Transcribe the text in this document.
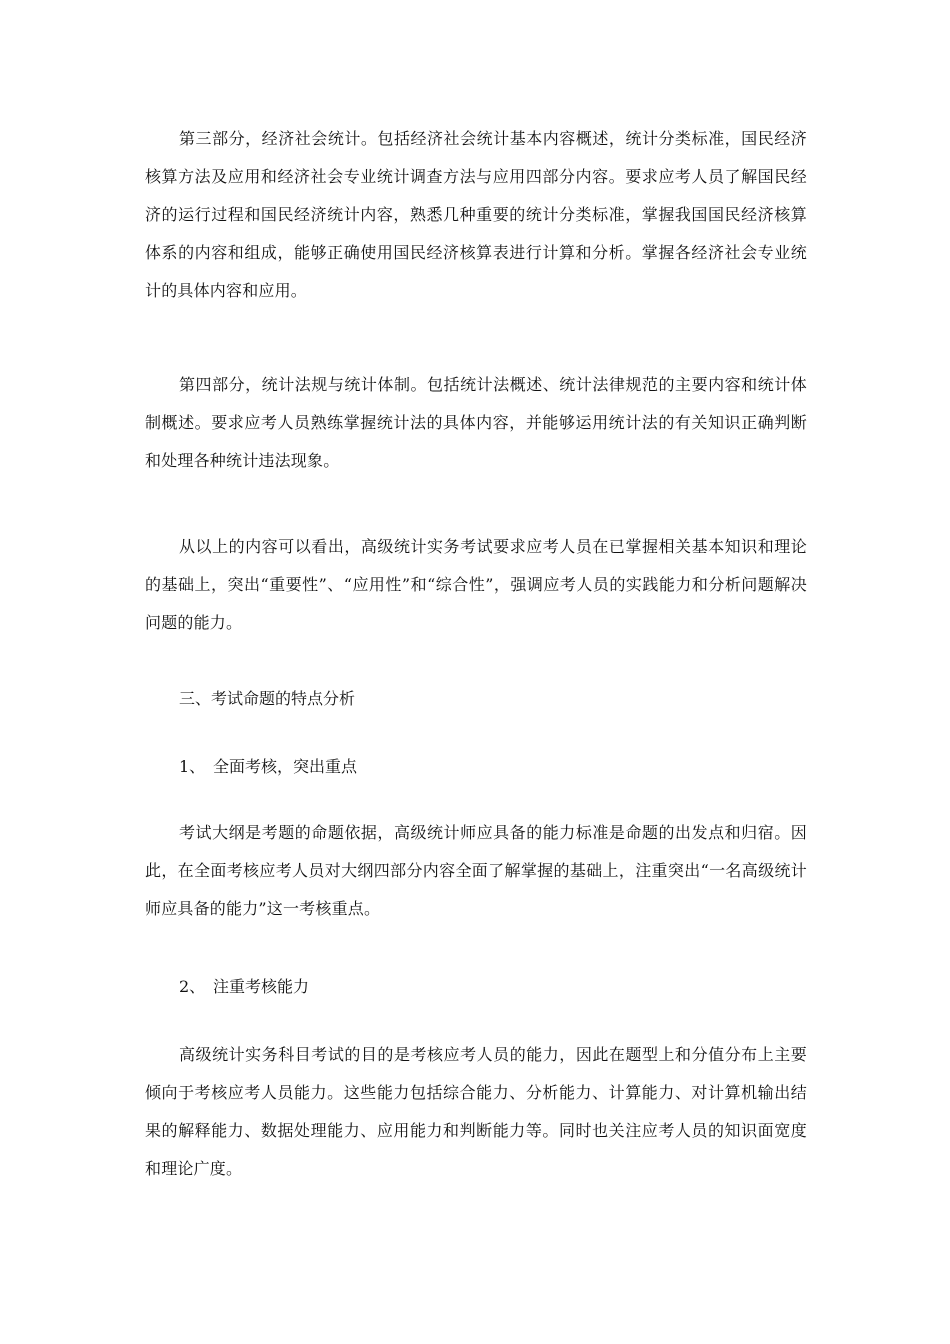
第三部分，经济社会统计。包括经济社会统计基本内容概述，统计分类标准，国民经济核算方法及应用和经济社会专业统计调查方法与应用四部分内容。要求应考人员了解国民经济的运行过程和国民经济统计内容，熟悉几种重要的统计分类标准，掌握我国国民经济核算体系的内容和组成，能够正确使用国民经济核算表进行计算和分析。掌握各经济社会专业统计的具体内容和应用。

第四部分，统计法规与统计体制。包括统计法概述、统计法律规范的主要内容和统计体制概述。要求应考人员熟练掌握统计法的具体内容，并能够运用统计法的有关知识正确判断和处理各种统计违法现象。

从以上的内容可以看出，高级统计实务考试要求应考人员在已掌握相关基本知识和理论的基础上，突出“重要性”、“应用性”和“综合性”，强调应考人员的实践能力和分析问题解决问题的能力。

三、考试命题的特点分析

1、 全面考核，突出重点

考试大纲是考题的命题依据，高级统计师应具备的能力标准是命题的出发点和归宿。因此，在全面考核应考人员对大纲四部分内容全面了解掌握的基础上，注重突出“一名高级统计师应具备的能力”这一考核重点。

2、 注重考核能力

高级统计实务科目考试的目的是考核应考人员的能力，因此在题型上和分值分布上主要倾向于考核应考人员能力。这些能力包括综合能力、分析能力、计算能力、对计算机输出结果的解释能力、数据处理能力、应用能力和判断能力等。同时也关注应考人员的知识面宽度和理论广度。
